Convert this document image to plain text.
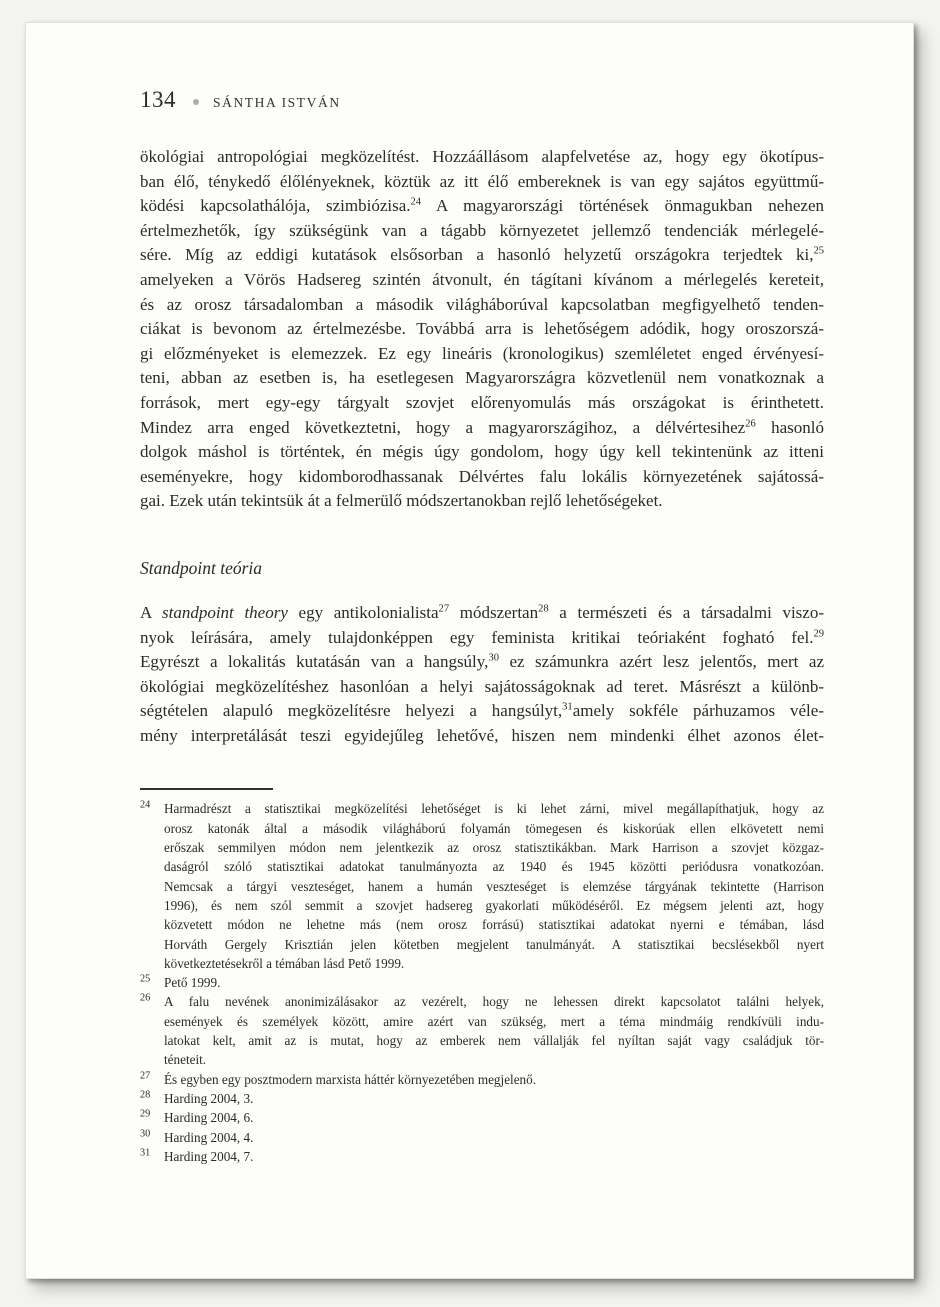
134	SÁNTHA ISTVÁN
ökológiai antropológiai megközelítést. Hozzáállásom alapfelvetése az, hogy egy ökotípus-
ban élő, ténykedő élőlényeknek, köztük az itt élő embereknek is van egy sajátos együttmű-
ködési kapcsolathálója, szimbiózisa.$^{24}$ A magyarországi történések önmagukban nehezen
értelmezhetők, így szükségünk van a tágabb környezetet jellemző tendenciák mérlegelé-
sére. Míg az eddigi kutatások elsősorban a hasonló helyzetű országokra terjedtek ki,$^{25}$
amelyeken a Vörös Hadsereg szintén átvonult, én tágítani kívánom a mérlegelés kereteit,
és az orosz társadalomban a második világháborúval kapcsolatban megfigyelhető tenden-
ciákat is bevonom az értelmezésbe. Továbbá arra is lehetőségem adódik, hogy oroszorszá-
gi előzményeket is elemezzek. Ez egy lineáris (kronologikus) szemléletet enged érvényesí-
teni, abban az esetben is, ha esetlegesen Magyarországra közvetlenül nem vonatkoznak a
források, mert egy-egy tárgyalt szovjet előrenyomulás más országokat is érinthetett.
Mindez arra enged következtetni, hogy a magyarországihoz, a délvértesihez$^{26}$ hasonló
dolgok máshol is történtek, én mégis úgy gondolom, hogy úgy kell tekintenünk az itteni
eseményekre, hogy kidomborodhassanak Délvértes falu lokális környezetének sajátossá-
gai. Ezek után tekintsük át a felmerülő módszertanokban rejlő lehetőségeket.
Standpoint teória
A standpoint theory egy antikolonialista$^{27}$ módszertan$^{28}$ a természeti és a társadalmi viszo-
nyok leírására, amely tulajdonképpen egy feminista kritikai teóriaként fogható fel.$^{29}$
Egyrészt a lokalitás kutatásán van a hangsúly,$^{30}$ ez számunkra azért lesz jelentős, mert az
ökológiai megközelítéshez hasonlóan a helyi sajátosságoknak ad teret. Másrészt a különb-
ségtételen alapuló megközelítésre helyezi a hangsúlyt,$^{31}$amely sokféle párhuzamos véle-
mény interpretálását teszi egyidejűleg lehetővé, hiszen nem mindenki élhet azonos élet-
$^{24}$	Harmadrészt a statisztikai megközelítési lehetőséget is ki lehet zárni, mivel megállapíthatjuk, hogy az
orosz katonák által a második világháború folyamán tömegesen és kiskorúak ellen elkövetett nemi
erőszak semmilyen módon nem jelentkezik az orosz statisztikákban. Mark Harrison a szovjet közgaz-
daságról szóló statisztikai adatokat tanulmányozta az 1940 és 1945 közötti periódusra vonatkozóan.
Nemcsak a tárgyi veszteséget, hanem a humán veszteséget is elemzése tárgyának tekintette (Harrison
1996), és nem szól semmit a szovjet hadsereg gyakorlati működéséről. Ez mégsem jelenti azt, hogy
közvetett módon ne lehetne más (nem orosz forrású) statisztikai adatokat nyerni e témában, lásd
Horváth Gergely Krisztián jelen kötetben megjelent tanulmányát. A statisztikai becslésekből nyert
következtetésekről a témában lásd Pető 1999.
$^{25}$	Pető 1999.
$^{26}$	A falu nevének anonimizálásakor az vezérelt, hogy ne lehessen direkt kapcsolatot találni helyek,
események és személyek között, amire azért van szükség, mert a téma mindmáig rendkívüli indu-
latokat kelt, amit az is mutat, hogy az emberek nem vállalják fel nyíltan saját vagy családjuk tör-
téneteit.
$^{27}$	És egyben egy posztmodern marxista háttér környezetében megjelenő.
$^{28}$	Harding 2004, 3.
$^{29}$	Harding 2004, 6.
$^{30}$	Harding 2004, 4.
$^{31}$	Harding 2004, 7.
